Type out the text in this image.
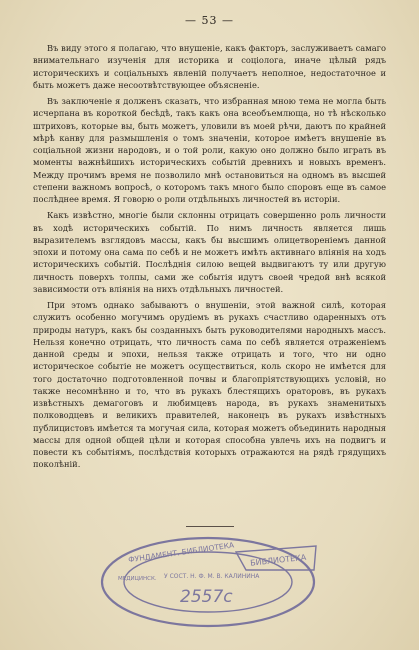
— 53 —

Въ виду этого я полагаю, что внушеніе, какъ факторъ, заслуживаетъ самаго внимательнаго изученія для историка и соціолога, иначе цѣлый рядъ историческихъ и соціальныхъ явленій получаетъ неполное, недостаточное и быть можетъ даже несоотвѣтствующее объясненіе.

Въ заключеніе я долженъ сказать, что избранная мною тема не могла быть исчерпана въ короткой бесѣдѣ, такъ какъ она всеобъемлюща, но тѣ нѣсколько штриховъ, которые вы, быть можетъ, уловили въ моей рѣчи, даютъ по крайней мѣрѣ канву для размышленія о томъ значеніи, которое имѣетъ внушеніе въ соціальной жизни народовъ, и о той роли, какую оно должно было играть въ моменты важнѣйшихъ историческихъ событій древнихъ и новыхъ временъ. Между прочимъ время не позволило мнѣ остановиться на одномъ въ высшей степени важномъ вопросѣ, о которомъ такъ много было споровъ еще въ самое послѣднее время. Я говорю о роли отдѣльныхъ личностей въ исторіи.

Какъ извѣстно, многіе были склонны отрицать совершенно роль личности въ ходѣ историческихъ событій. По нимъ личность является лишь выразителемъ взглядовъ массы, какъ бы высшимъ олицетвореніемъ данной эпохи и потому она сама по себѣ и не можетъ имѣть активнаго вліянія на ходъ историческихъ событій. Послѣднія силою вещей выдвигаютъ ту или другую личность поверхъ толпы, сами же событія идутъ своей чредой внѣ всякой зависимости отъ вліянія на нихъ отдѣльныхъ личностей.

При этомъ однако забываютъ о внушеніи, этой важной силѣ, которая служитъ особенно могучимъ орудіемъ въ рукахъ счастливо одаренныхъ отъ природы натуръ, какъ бы созданныхъ быть руководителями народныхъ массъ. Нельзя конечно отрицать, что личность сама по себѣ является отраженіемъ данной среды и эпохи, нельзя также отрицать и того, что ни одно историческое событіе не можетъ осуществиться, коль скоро не имѣется для того достаточно подготовленной почвы и благопріятствующихъ условій, но также несомнѣнно и то, что въ рукахъ блестящихъ ораторовъ, въ рукахъ извѣстныхъ демагоговъ и любимцевъ народа, въ рукахъ знаменитыхъ полководцевъ и великихъ правителей, наконецъ въ рукахъ извѣстныхъ публицистовъ имѣется та могучая сила, которая можетъ объединить народныя массы для одной общей цѣли и которая способна увлечь ихъ на подвигъ и повести къ событіямъ, послѣдствія которыхъ отражаются на рядѣ грядущихъ поколѣній.

ФУНДАМЕНТ. БИБЛИОТЕКА БИБЛИОТЕКА
МЕДИЦИНСК. У СОСТ. Н. Ф. М. В. КАЛИНИНА
2557с
